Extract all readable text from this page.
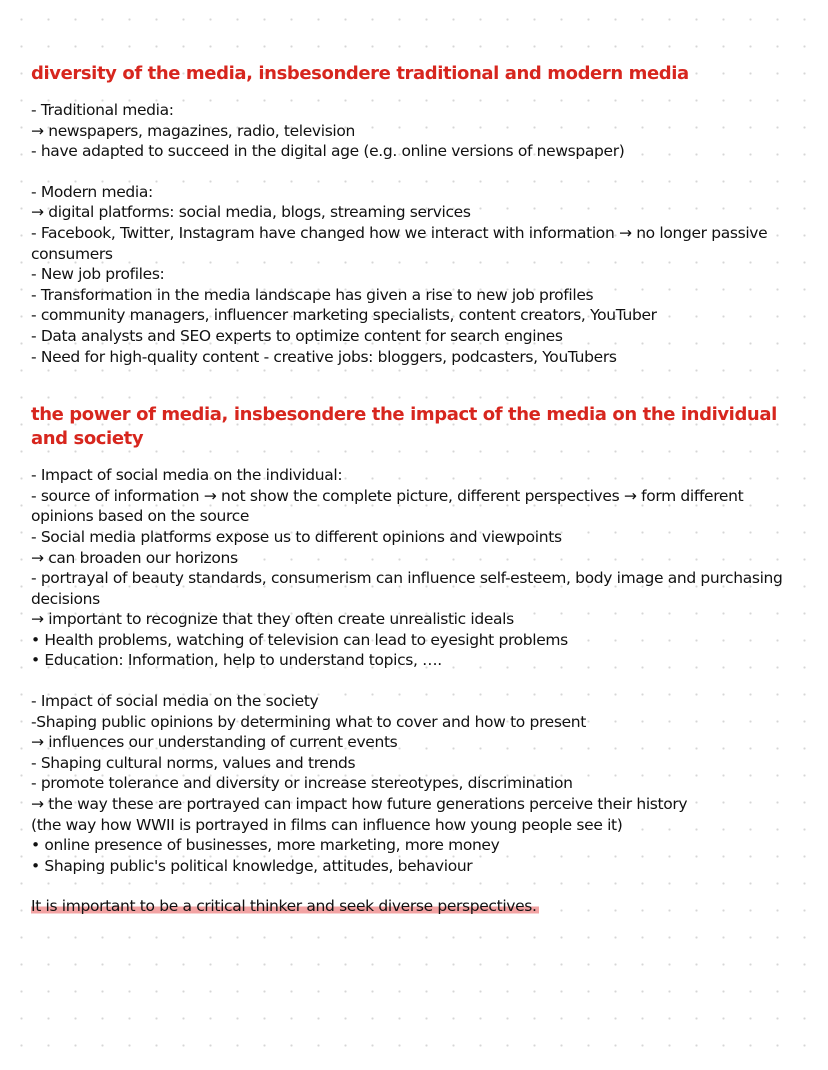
diversity of the media, insbesondere traditional and modern media

- Traditional media:

→ newspapers, magazines, radio, television

- have adapted to succeed in the digital age (e.g. online versions of newspaper)

- Modern media:

→ digital platforms: social media, blogs, streaming services

- Facebook, Twitter, Instagram have changed how we interact with information → no longer passive consumers

- New job profiles:

- Transformation in the media landscape has given a rise to new job profiles

- community managers, influencer marketing specialists, content creators, YouTuber

- Data analysts and SEO experts to optimize content for search engines

- Need for high-quality content - creative jobs: bloggers, podcasters, YouTubers

the power of media, insbesondere the impact of the media on the individual and society

- Impact of social media on the individual:

- source of information → not show the complete picture, different perspectives → form different opinions based on the source

- Social media platforms expose us to different opinions and viewpoints

→ can broaden our horizons

- portrayal of beauty standards, consumerism can influence self-esteem, body image and purchasing decisions

→ important to recognize that they often create unrealistic ideals

• Health problems, watching of television can lead to eyesight problems

• Education: Information, help to understand topics, ….

- Impact of social media on the society

-Shaping public opinions by determining what to cover and how to present

→ influences our understanding of current events

- Shaping cultural norms, values and trends

- promote tolerance and diversity or increase stereotypes, discrimination

→ the way these are portrayed can impact how future generations perceive their history

(the way how WWII is portrayed in films can influence how young people see it)

• online presence of businesses, more marketing, more money

• Shaping public's political knowledge, attitudes, behaviour

It is important to be a critical thinker and seek diverse perspectives.
